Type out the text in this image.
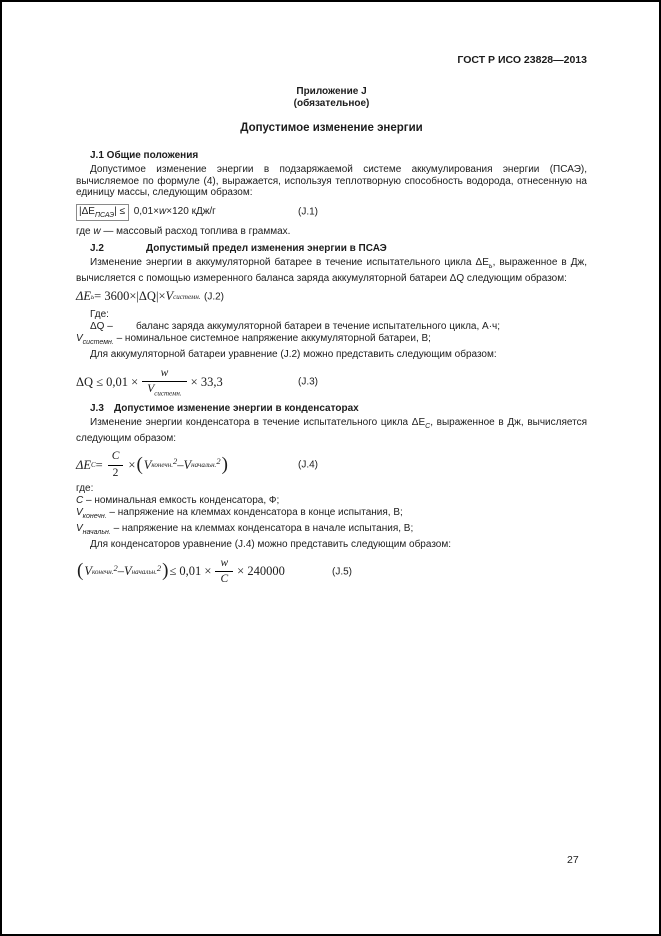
ГОСТ Р ИСО 23828—2013
Приложение J
(обязательное)
Допустимое изменение энергии
J.1 Общие положения
Допустимое изменение энергии в подзаряжаемой системе аккумулирования энергии (ПСАЭ), вычисляемое по формуле (4), выражается, используя теплотворную способность водорода, отнесенную на единицу массы, следующим образом:
$|\Delta Е_{ПСАЭ}| \le 0,01\times w\times 120$ кДж/г	(J.1)
где w — массовый расход топлива в граммах.
J.2	Допустимый предел изменения энергии в ПСАЭ
Изменение энергии в аккумуляторной батарее в течение испытательного цикла $\Delta Е_ь$, выраженное в Дж, вычисляется с помощью измеренного баланса заряда аккумуляторной батареи ΔQ следующим образом:
ΔЕ ь = 3600×|ΔQ|× V системн. (J.2)
Где:
ΔQ – баланс заряда аккумуляторной батареи в течение испытательного цикла, А·ч;
$V_{системн.}$ – номинальное системное напряжение аккумуляторной батареи, В;
Для аккумуляторной батареи уравнение (J.2) можно представить следующим образом:
$\Delta Q \le 0,01 \times \frac{w}{V_{системн.}} \times 33,3$	(J.3)
J.3 Допустимое изменение энергии в конденсаторах
Изменение энергии конденсатора в течение испытательного цикла $\Delta Е_С$, выраженное в Дж, вычисляется следующим образом:
ΔЕ $C = \frac{C}{2}$ × ( V конечн. 2 – V начальн. 2 )	(J.4)
где:
С – номинальная емкость конденсатора, Ф;
$V_{конечн.}$ – напряжение на клеммах конденсатора в конце испытания, В;
$V_{начальн.}$ – напряжение на клеммах конденсатора в начале испытания, В;
Для конденсаторов уравнение (J.4) можно представить следующим образом:
( V конечн. 2 – V начальн. 2 ) ≤ $0,01 \times \frac{w}{C} \times 240000$	(J.5)
27
